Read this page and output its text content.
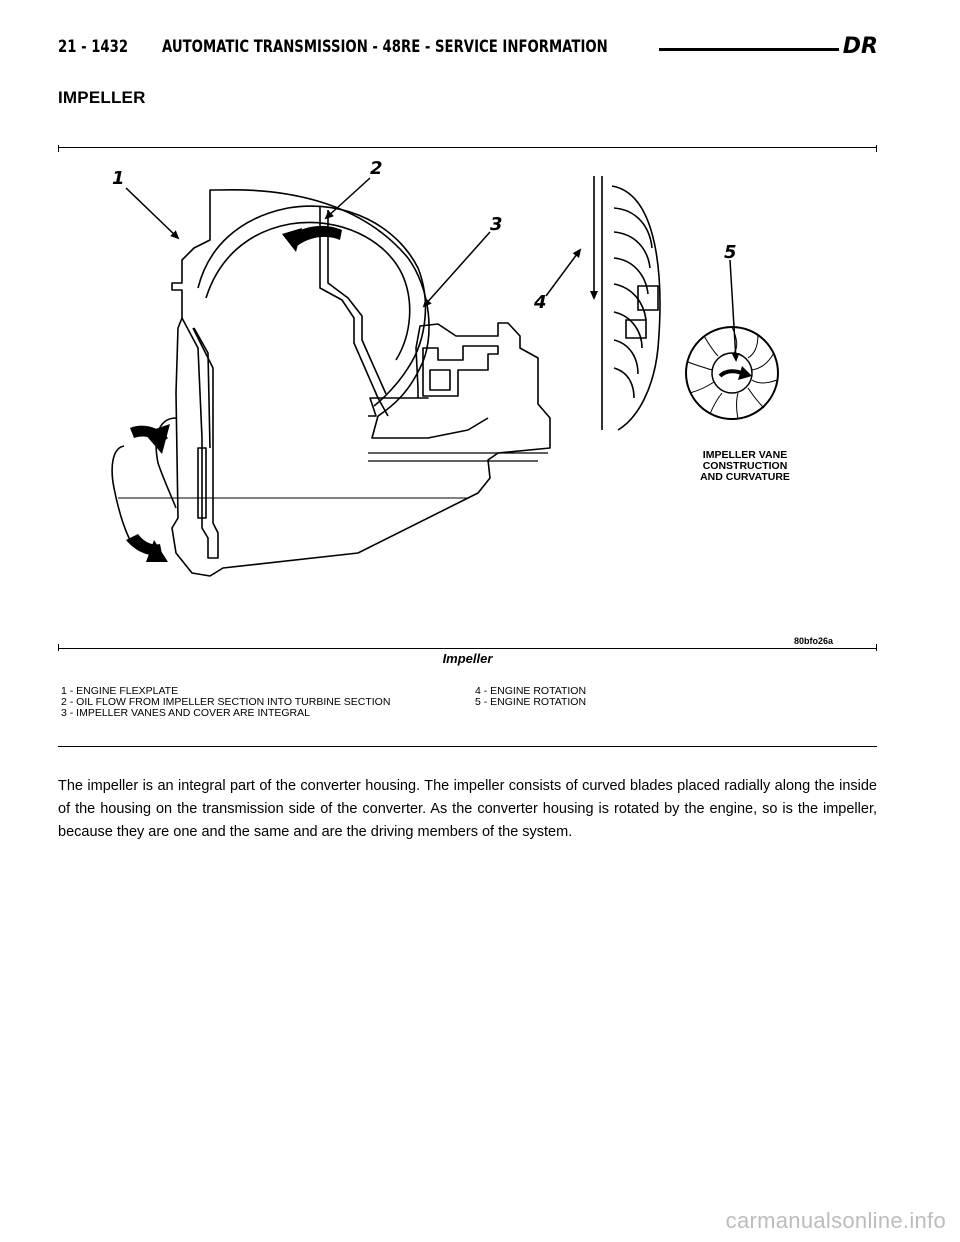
21 - 1432 AUTOMATIC TRANSMISSION - 48RE - SERVICE INFORMATION	DR
IMPELLER
1	2
3
4
5
IMPELLER VANE
CONSTRUCTION
AND CURVATURE
80bfo26a
Impeller

1 - ENGINE FLEXPLATE

2 - OIL FLOW FROM IMPELLER SECTION INTO TURBINE SECTION

3 - IMPELLER VANES AND COVER ARE INTEGRAL

4 - ENGINE ROTATION

5 - ENGINE ROTATION

The impeller is an integral part of the converter housing. The impeller consists of curved blades placed radially along the inside of the housing on the transmission side of the converter. As the converter housing is rotated by the engine, so is the impeller, because they are one and the same and are the driving members of the system.

carmanualsonline.info
